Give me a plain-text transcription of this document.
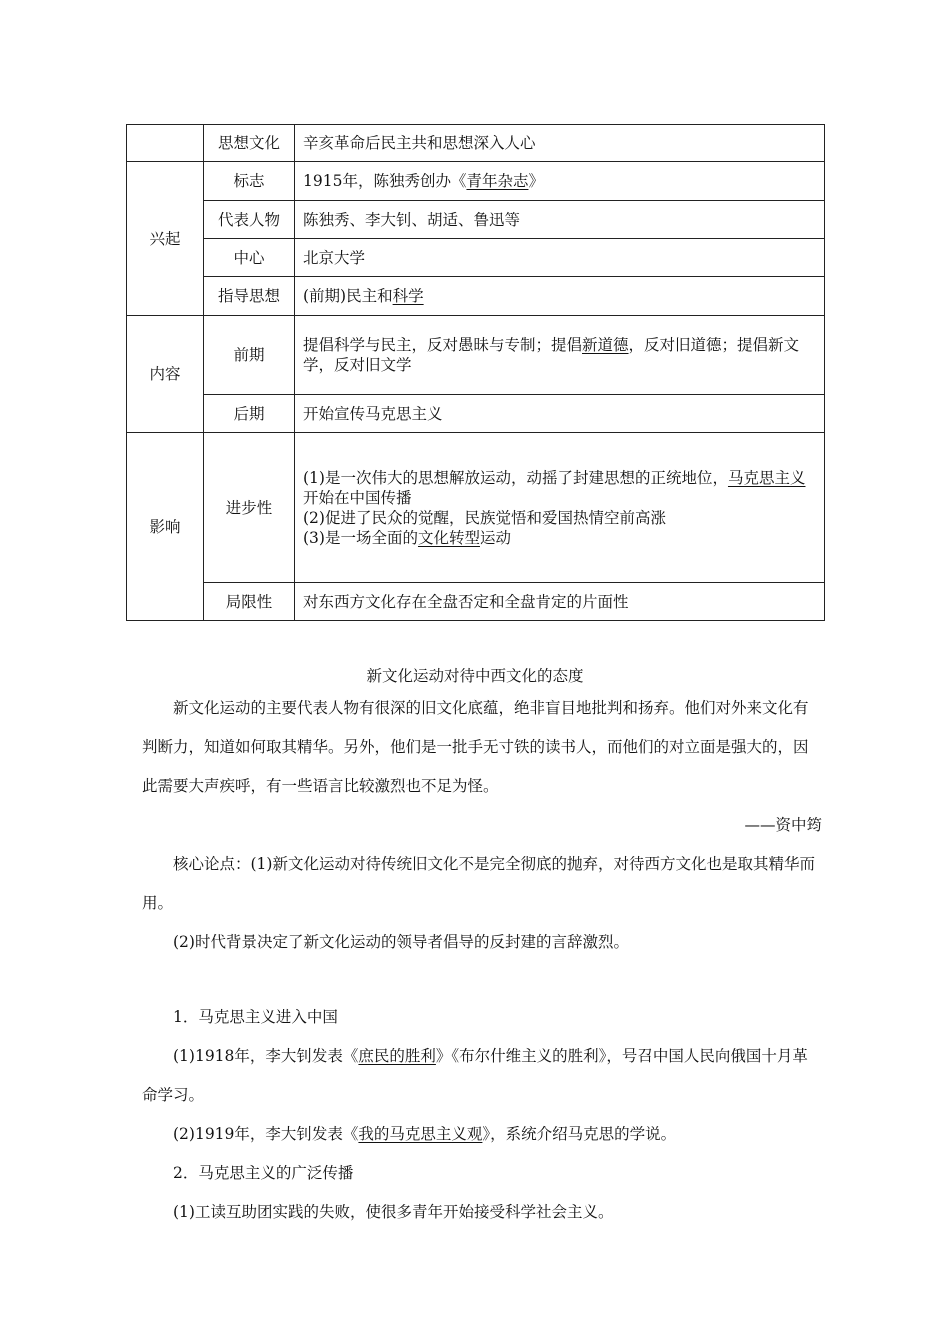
	思想文化	辛亥革命后民主共和思想深入人心
兴起	标志	1915年，陈独秀创办《青年杂志》
	代表人物	陈独秀、李大钊、胡适、鲁迅等
	中心	北京大学
	指导思想	(前期)民主和科学
内容	前期	提倡科学与民主，反对愚昧与专制；提倡新道德，反对旧道德；提倡新文学，反对旧文学
	后期	开始宣传马克思主义
影响	进步性	(1)是一次伟大的思想解放运动，动摇了封建思想的正统地位，马克思主义开始在中国传播
(2)促进了民众的觉醒，民族觉悟和爱国热情空前高涨
(3)是一场全面的文化转型运动

	局限性	对东西方文化存在全盘否定和全盘肯定的片面性
新文化运动对待中西文化的态度

新文化运动的主要代表人物有很深的旧文化底蕴，绝非盲目地批判和扬弃。他们对外来文化有判断力，知道如何取其精华。另外，他们是一批手无寸铁的读书人，而他们的对立面是强大的，因此需要大声疾呼，有一些语言比较激烈也不足为怪。

——资中筠

核心论点：(1)新文化运动对待传统旧文化不是完全彻底的抛弃，对待西方文化也是取其精华而用。

(2)时代背景决定了新文化运动的领导者倡导的反封建的言辞激烈。

1．马克思主义进入中国

(1)1918年，李大钊发表《庶民的胜利》《布尔什维主义的胜利》，号召中国人民向俄国十月革命学习。

(2)1919年，李大钊发表《我的马克思主义观》，系统介绍马克思的学说。

2．马克思主义的广泛传播

(1)工读互助团实践的失败，使很多青年开始接受科学社会主义。
